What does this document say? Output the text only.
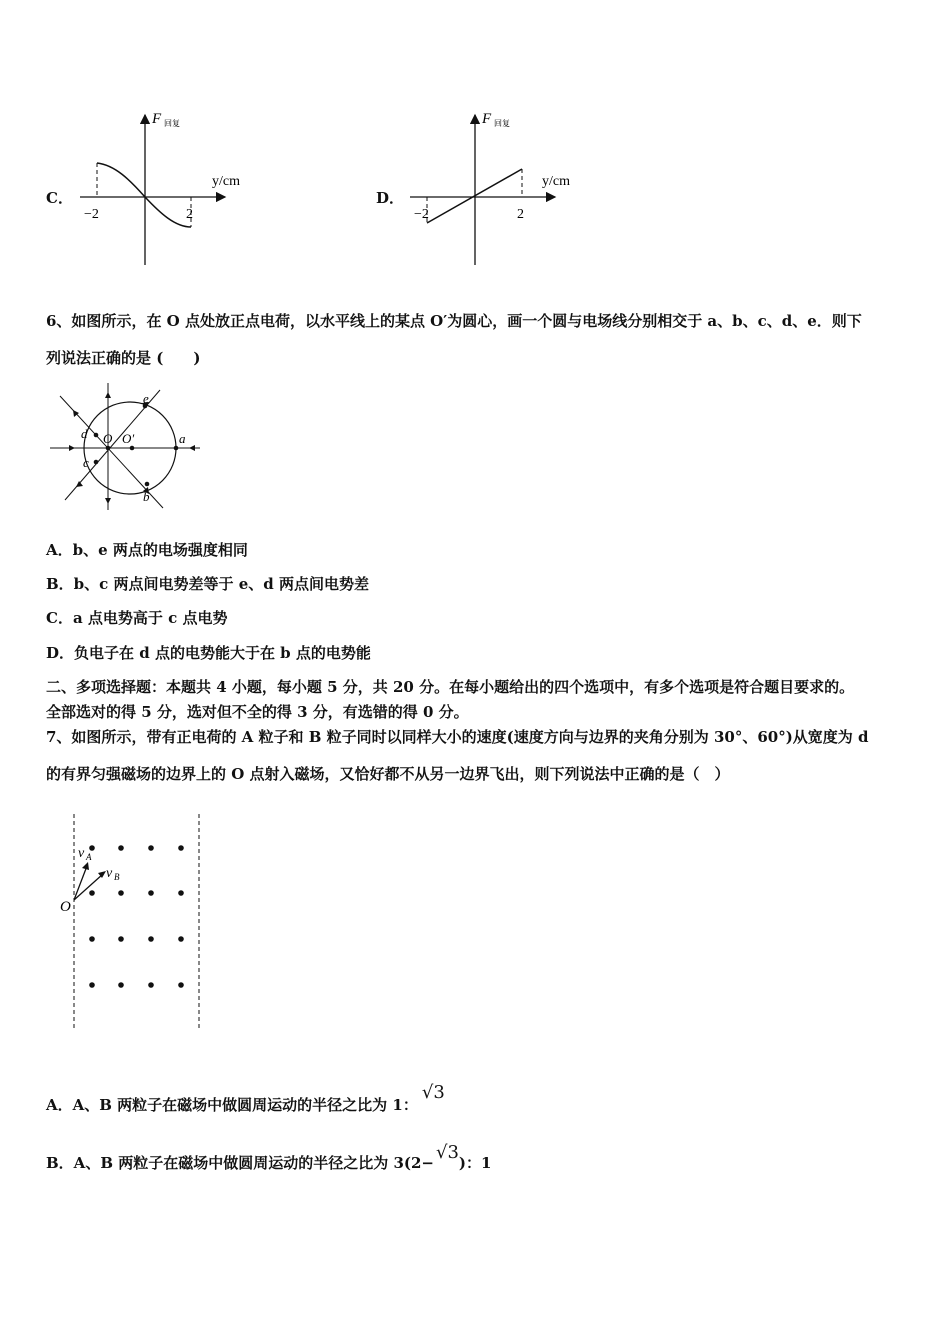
C．
F 回复
y/cm
−2	2
D．
F 回复
y/cm
−2	2
6、如图所示，在 O 点处放正点电荷，以水平线上的某点 O′为圆心，画一个圆与电场线分别相交于 a、b、c、d、e．则下
列说法正确的是 (　　)
O O′	a
b
c
d
e
A．b、e 两点的电场强度相同
B．b、c 两点间电势差等于 e、d 两点间电势差
C．a 点电势高于 c 点电势
D．负电子在 d 点的电势能大于在 b 点的电势能
二、多项选择题：本题共 4 小题，每小题 5 分，共 20 分。在每小题给出的四个选项中，有多个选项是符合题目要求的。
全部选对的得 5 分，选对但不全的得 3 分，有选错的得 0 分。
7、如图所示，带有正电荷的 A 粒子和 B 粒子同时以同样大小的速度(速度方向与边界的夹角分别为 30°、60°)从宽度为 d
的有界匀强磁场的边界上的 O 点射入磁场，又恰好都不从另一边界飞出，则下列说法中正确的是（　）
O
v A
v B
A．A、B 两粒子在磁场中做圆周运动的半径之比为 1：√3
B．A、B 两粒子在磁场中做圆周运动的半径之比为 3(2− √3)：1
